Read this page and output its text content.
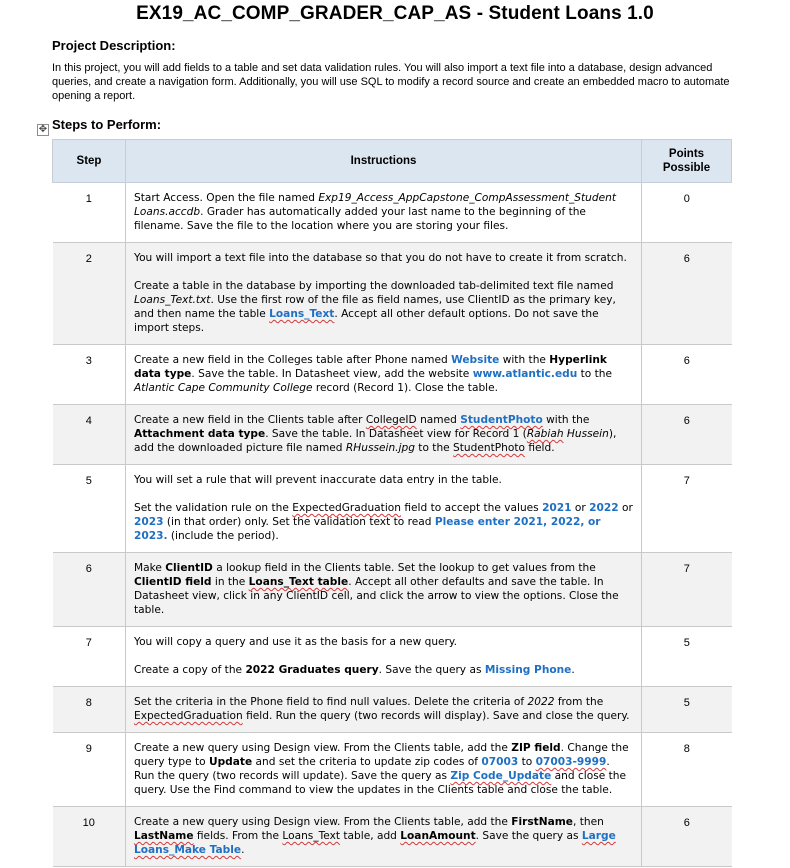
EX19_AC_COMP_GRADER_CAP_AS - Student Loans 1.0
Project Description:
In this project, you will add fields to a table and set data validation rules. You will also import a text file into a database, design advanced queries, and create a navigation form. Additionally, you will use SQL to modify a record source and create an embedded macro to automate opening a report.
✥ Steps to Perform:
Step	Instructions	Points Possible

1	Start Access. Open the file named Exp19_Access_AppCapstone_CompAssessment_Student Loans.accdb. Grader has automatically added your last name to the beginning of the filename. Save the file to the location where you are storing your files.	0

2	You will import a text file into the database so that you do not have to create it from scratch.

Create a table in the database by importing the downloaded tab-delimited text file named Loans_Text.txt. Use the first row of the file as field names, use ClientID as the primary key, and then name the table Loans_Text. Accept all other default options. Do not save the import steps.	6

3	Create a new field in the Colleges table after Phone named Website with the Hyperlink data type. Save the table. In Datasheet view, add the website www.atlantic.edu to the Atlantic Cape Community College record (Record 1). Close the table.	6

4	Create a new field in the Clients table after CollegeID named StudentPhoto with the Attachment data type. Save the table. In Datasheet view for Record 1 (Rabiah Hussein), add the downloaded picture file named RHussein.jpg to the StudentPhoto field.	6

5	You will set a rule that will prevent inaccurate data entry in the table.

Set the validation rule on the ExpectedGraduation field to accept the values 2021 or 2022 or 2023 (in that order) only. Set the validation text to read Please enter 2021, 2022, or 2023. (include the period).	7

6	Make ClientID a lookup field in the Clients table. Set the lookup to get values from the ClientID field in the Loans_Text table. Accept all other defaults and save the table. In Datasheet view, click in any ClientID cell, and click the arrow to view the options. Close the table.	7

7	You will copy a query and use it as the basis for a new query.

Create a copy of the 2022 Graduates query. Save the query as Missing Phone.	5

8	Set the criteria in the Phone field to find null values. Delete the criteria of 2022 from the ExpectedGraduation field. Run the query (two records will display). Save and close the query.	5

9	Create a new query using Design view. From the Clients table, add the ZIP field. Change the query type to Update and set the criteria to update zip codes of 07003 to 07003-9999. Run the query (two records will update). Save the query as Zip Code_Update and close the query. Use the Find command to view the updates in the Clients table and close the table.	8

10	Create a new query using Design view. From the Clients table, add the FirstName, then LastName fields. From the Loans_Text table, add LoanAmount. Save the query as Large Loans_Make Table.	6
